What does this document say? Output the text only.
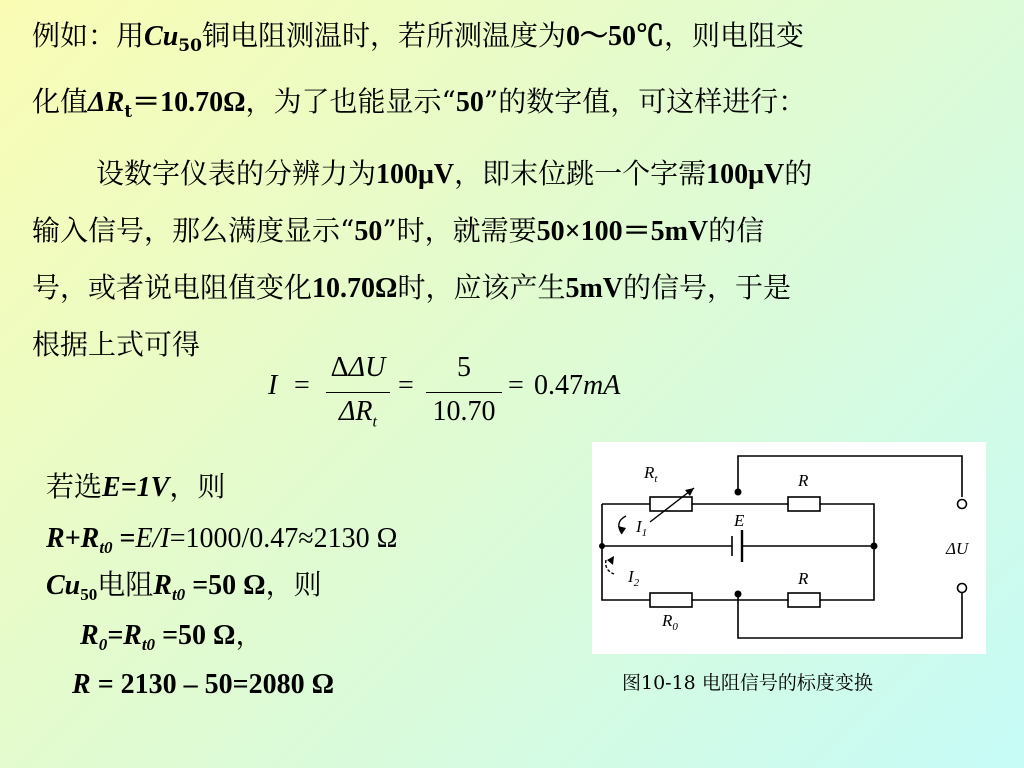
例如：用$Cu_{50}$铜电阻测温时，若所测温度为0～50℃，则电阻变
化值$\Delta R_t=10.70\Omega$，为了也能显示“50”的数字值，可这样进行：
设数字仪表的分辨力为100μV，即末位跳一个字需100μV的
输入信号，那么满度显示“50”时，就需要50×100＝5mV的信
号，或者说电阻值变化10.70Ω时，应该产生5mV的信号，于是
根据上式可得
I =
ΔΔU
$\Delta R_t$
=
5
10.70
= 0.47mA
若选E=1V，则
$R+R_{t0} =E/I=1000/0.47\approx 2130$ Ω
$Cu_{50}$电阻$R_{t0} =50$ Ω，则
$R_0=R_{t0} =50$ Ω，
R = 2130 – 50=2080 Ω
$R_t$	R
$I_1$
E
$I_2$	R
$R_0$
ΔU
图10-18 电阻信号的标度变换
